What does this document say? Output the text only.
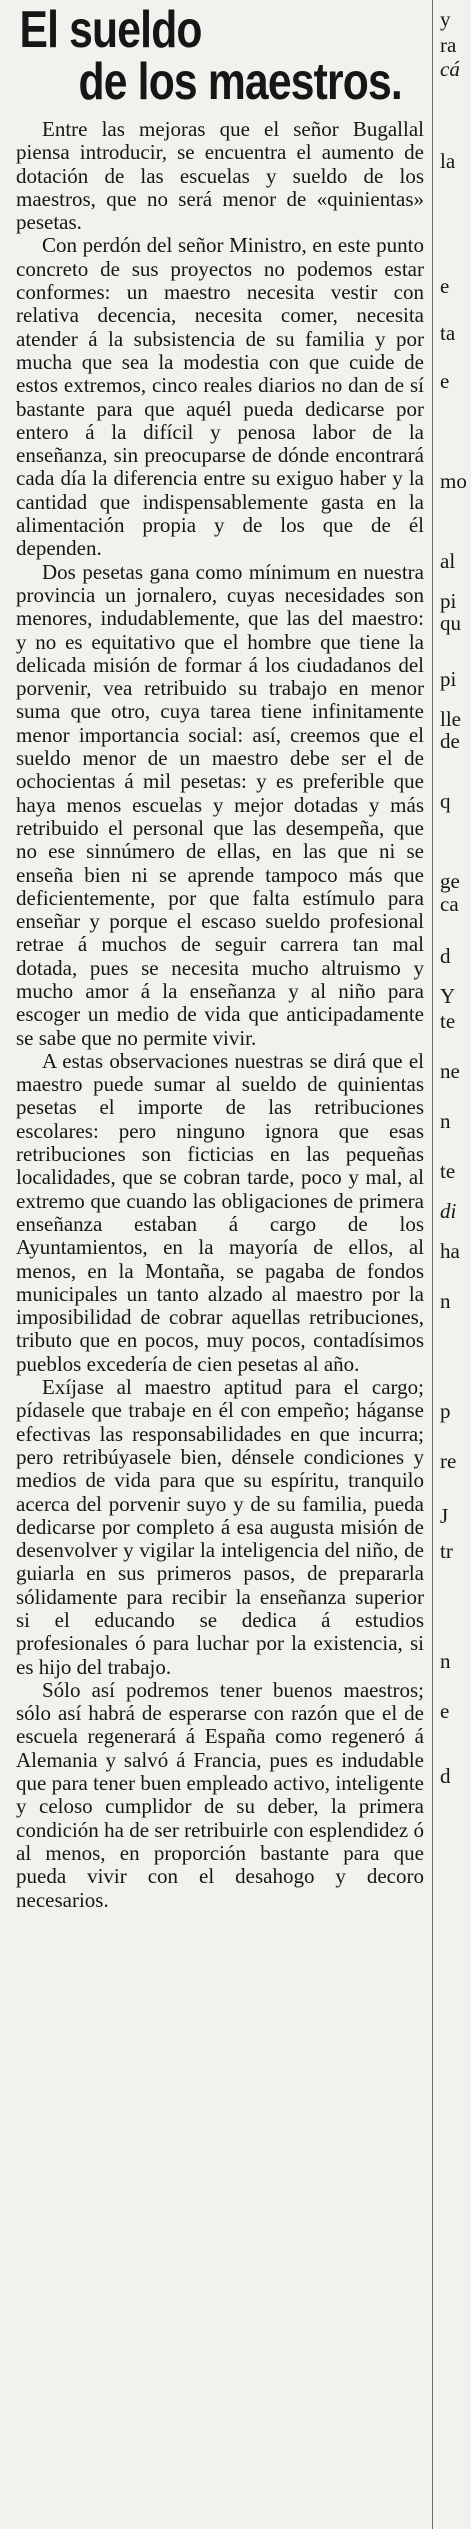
El sueldo
de los maestros.

Entre las mejoras que el señor Bugallal piensa introducir, se encuentra el aumento de dotación de las escuelas y sueldo de los maestros, que no será menor de «quinientas» pesetas.

Con perdón del señor Ministro, en este punto concreto de sus proyectos no podemos estar conformes: un maestro necesita vestir con relativa decencia, necesita comer, necesita atender á la subsistencia de su familia y por mucha que sea la modestia con que cuide de estos extremos, cinco reales diarios no dan de sí bastante para que aquél pueda dedicarse por entero á la difícil y penosa labor de la enseñanza, sin preocuparse de dónde encontrará cada día la diferencia entre su exiguo haber y la cantidad que indispensablemente gasta en la alimentación propia y de los que de él dependen.

Dos pesetas gana como mínimum en nuestra provincia un jornalero, cuyas necesidades son menores, indudablemente, que las del maestro: y no es equitativo que el hombre que tiene la delicada misión de formar á los ciudadanos del porvenir, vea retribuido su trabajo en menor suma que otro, cuya tarea tiene infinitamente menor importancia social: así, creemos que el sueldo menor de un maestro debe ser el de ochocientas á mil pesetas: y es preferible que haya menos escuelas y mejor dotadas y más retribuido el personal que las desempeña, que no ese sinnúmero de ellas, en las que ni se enseña bien ni se aprende tampoco más que deficientemente, por que falta estímulo para enseñar y porque el escaso sueldo profesional retrae á muchos de seguir carrera tan mal dotada, pues se necesita mucho altruismo y mucho amor á la enseñanza y al niño para escoger un medio de vida que anticipadamente se sabe que no permite vivir.

A estas observaciones nuestras se dirá que el maestro puede sumar al sueldo de quinientas pesetas el importe de las retribuciones escolares: pero ninguno ignora que esas retribuciones son ficticias en las pequeñas localidades, que se cobran tarde, poco y mal, al extremo que cuando las obligaciones de primera enseñanza estaban á cargo de los Ayuntamientos, en la mayoría de ellos, al menos, en la Montaña, se pagaba de fondos municipales un tanto alzado al maestro por la imposibilidad de cobrar aquellas retribuciones, tributo que en pocos, muy pocos, contadísimos pueblos excedería de cien pesetas al año.

Exíjase al maestro aptitud para el cargo; pídasele que trabaje en él con empeño; háganse efectivas las responsabilidades en que incurra; pero retribúyasele bien, dénsele condiciones y medios de vida para que su espíritu, tranquilo acerca del porvenir suyo y de su familia, pueda dedicarse por completo á esa augusta misión de desenvolver y vigilar la inteligencia del niño, de guiarla en sus primeros pasos, de prepararla sólidamente para recibir la enseñanza superior si el educando se dedica á estudios profesionales ó para luchar por la existencia, si es hijo del trabajo.

Sólo así podremos tener buenos maestros; sólo así habrá de esperarse con razón que el de escuela regenerará á España como regeneró á Alemania y salvó á Francia, pues es indudable que para tener buen empleado activo, inteligente y celoso cumplidor de su deber, la primera condición ha de ser retribuirle con esplendidez ó al menos, en proporción bastante para que pueda vivir con el desahogo y decoro necesarios.

y
ra
cá
la
e
ta
e
mo
al
pi
qu
pi
lle
de
q
ge
ca
d
Y
te
ne
n
te
di
ha
n
p
re
J
tr
n
e
d
